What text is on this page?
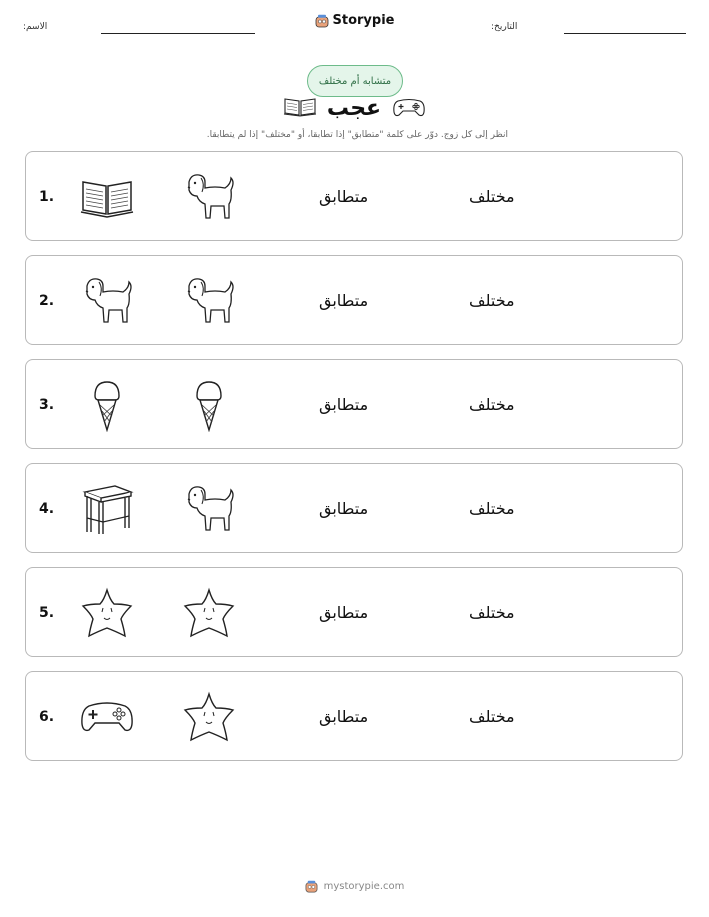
الاسم:	Storypie	التاريخ:
متشابه أم مختلف
عجب
انظر إلى كل زوج. دوّر على كلمة "متطابق" إذا تطابقا، أو "مختلف" إذا لم يتطابقا.
1.	متطابق	مختلف
2.	متطابق	مختلف
3.	متطابق	مختلف
4.	متطابق	مختلف
5.	متطابق	مختلف
6.	متطابق	مختلف
mystorypie.com
